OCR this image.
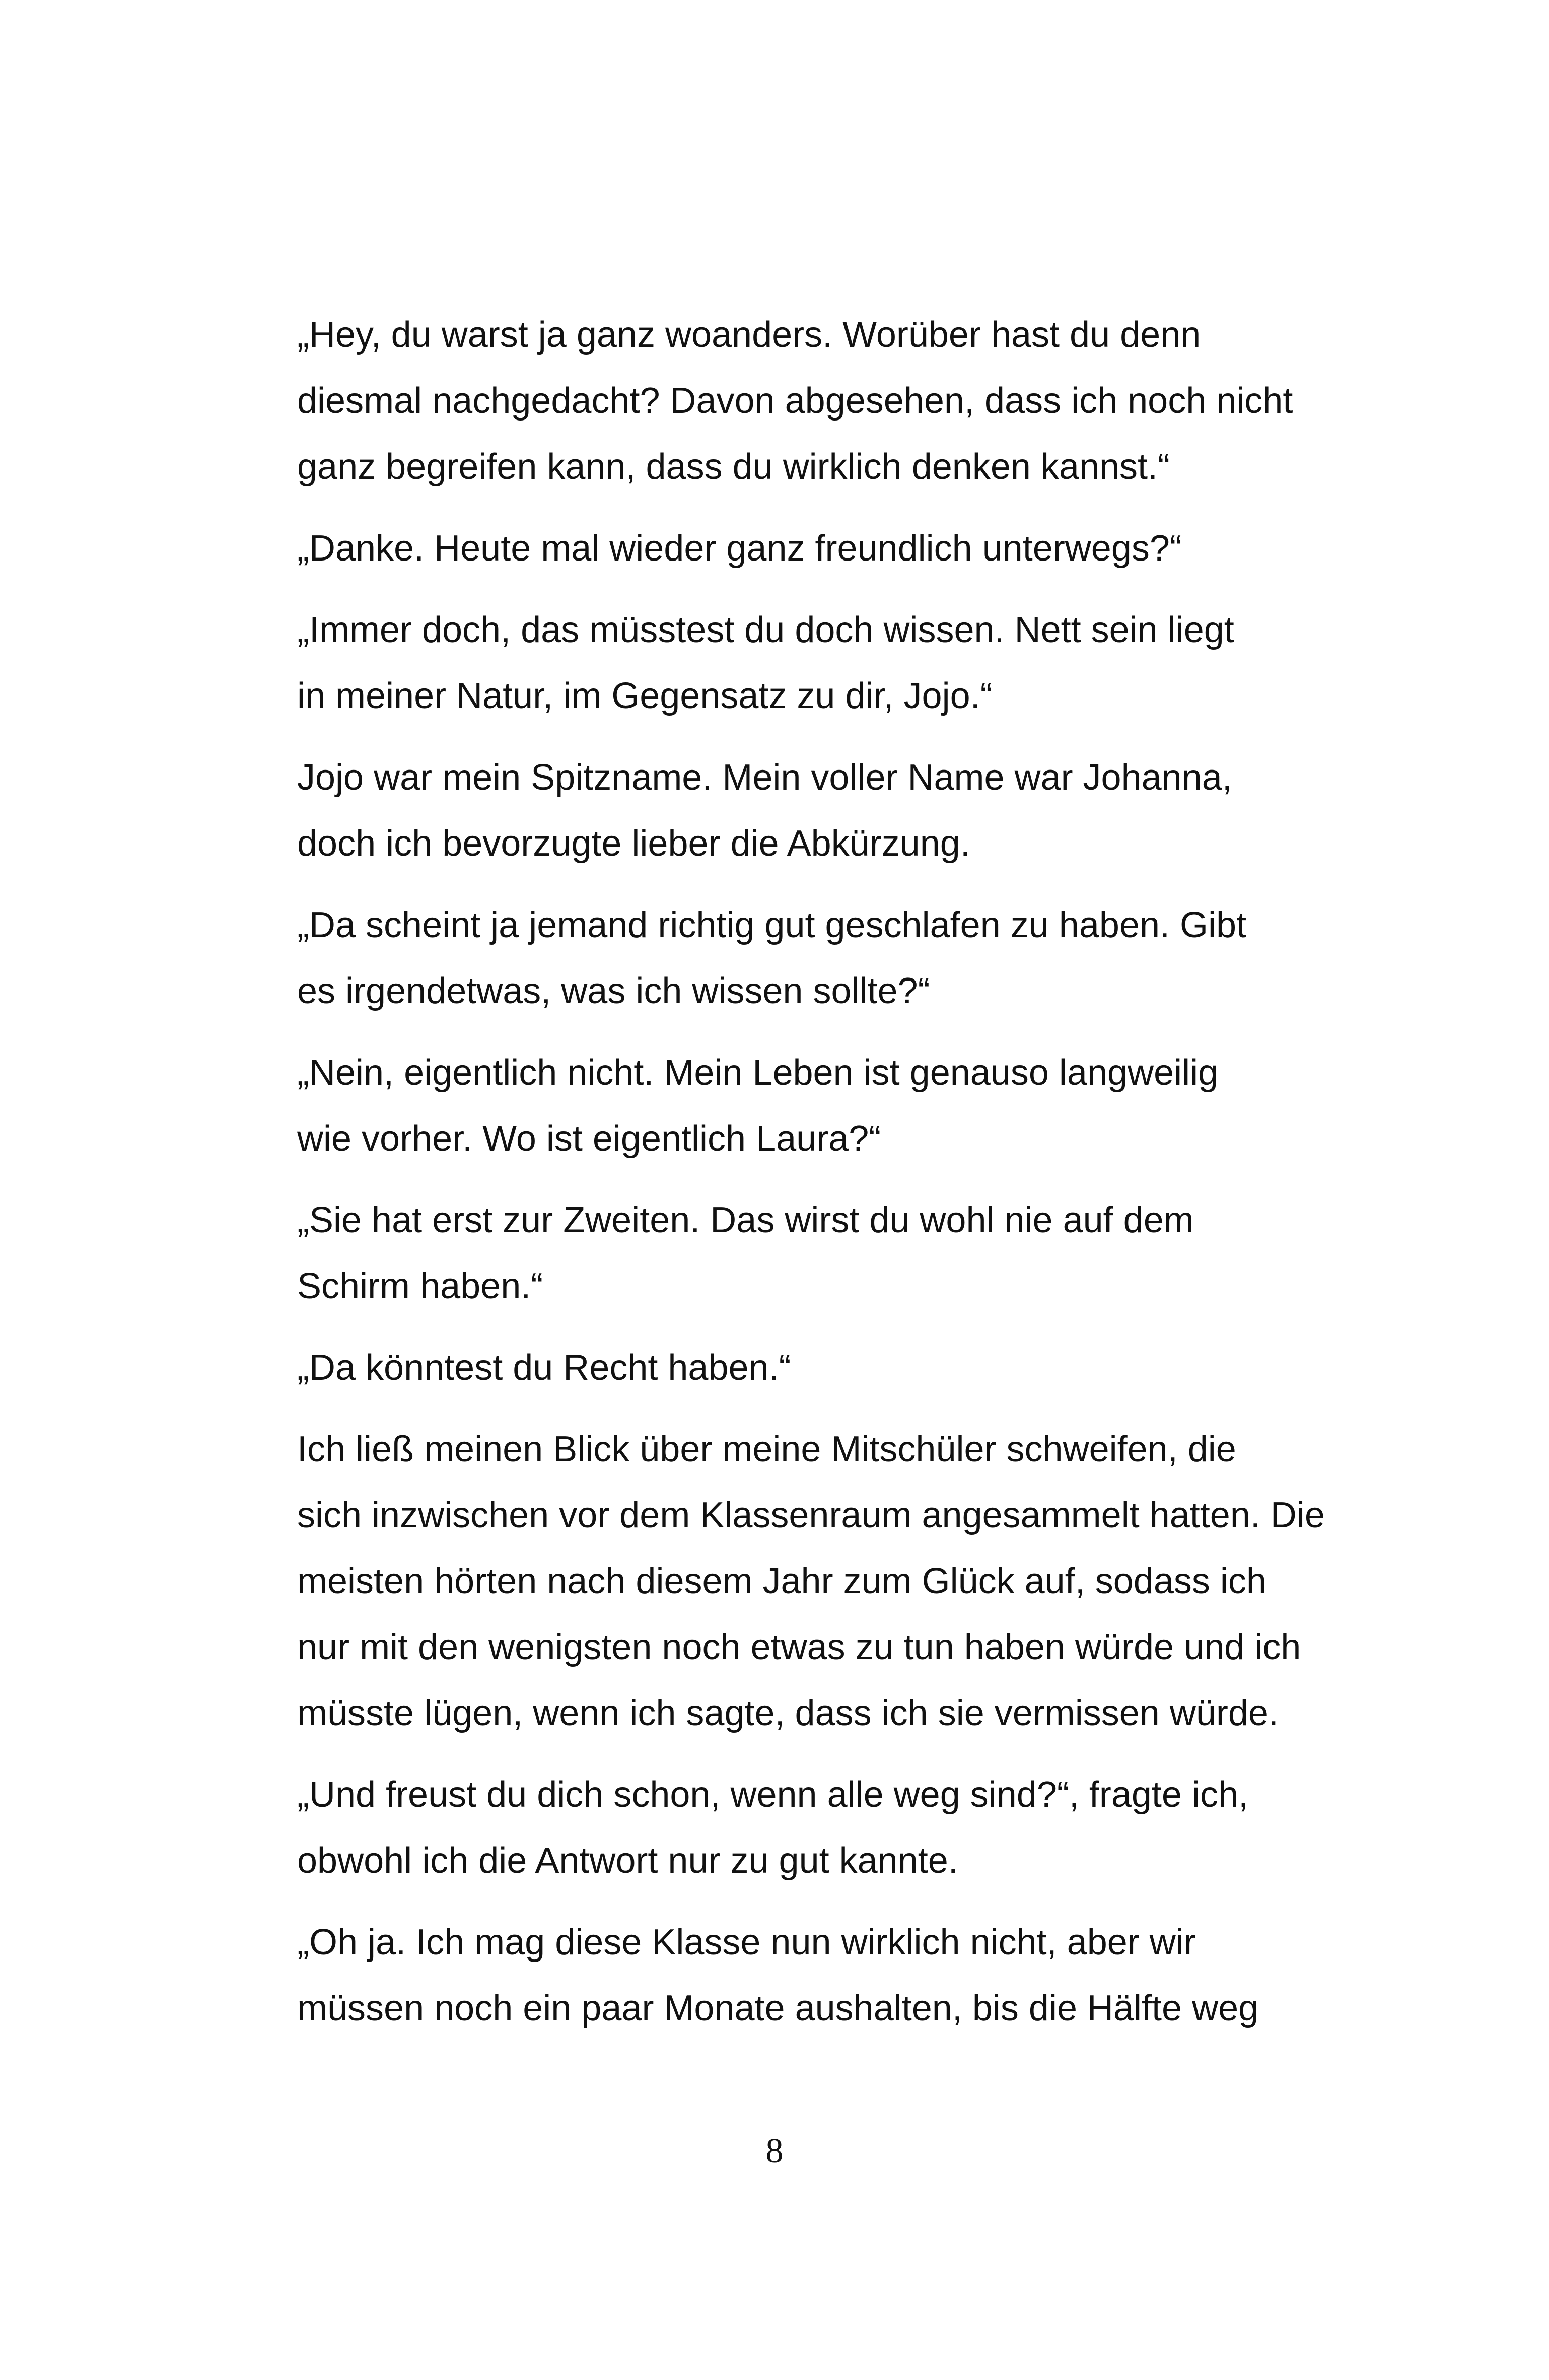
„Hey, du warst ja ganz woanders. Worüber hast du denn
diesmal nachgedacht? Davon abgesehen, dass ich noch nicht
ganz begreifen kann, dass du wirklich denken kannst.“

„Danke. Heute mal wieder ganz freundlich unterwegs?“

„Immer doch, das müsstest du doch wissen. Nett sein liegt
in meiner Natur, im Gegensatz zu dir, Jojo.“

Jojo war mein Spitzname. Mein voller Name war Johanna,
doch ich bevorzugte lieber die Abkürzung.

„Da scheint ja jemand richtig gut geschlafen zu haben. Gibt
es irgendetwas, was ich wissen sollte?“

„Nein, eigentlich nicht. Mein Leben ist genauso langweilig
wie vorher. Wo ist eigentlich Laura?“

„Sie hat erst zur Zweiten. Das wirst du wohl nie auf dem
Schirm haben.“

„Da könntest du Recht haben.“

Ich ließ meinen Blick über meine Mitschüler schweifen, die
sich inzwischen vor dem Klassenraum angesammelt hatten. Die
meisten hörten nach diesem Jahr zum Glück auf, sodass ich
nur mit den wenigsten noch etwas zu tun haben würde und ich
müsste lügen, wenn ich sagte, dass ich sie vermissen würde.

„Und freust du dich schon, wenn alle weg sind?“, fragte ich,
obwohl ich die Antwort nur zu gut kannte.

„Oh ja. Ich mag diese Klasse nun wirklich nicht, aber wir
müssen noch ein paar Monate aushalten, bis die Hälfte weg

8
